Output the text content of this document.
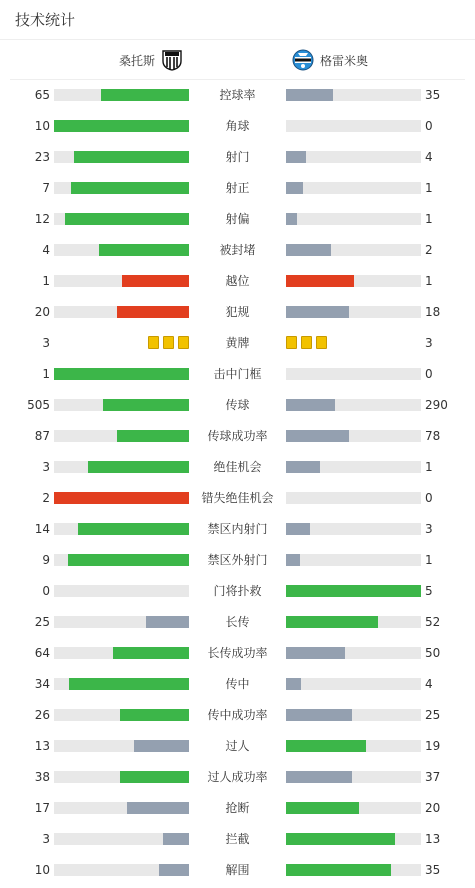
技术统计
桑托斯	格雷米奥
65	控球率	35
10	角球	0
23	射门	4
7	射正	1
12	射偏	1
4	被封堵	2
1	越位	1
20	犯规	18
3	黄牌	3
1	击中门框	0
505	传球	290
87	传球成功率	78
3	绝佳机会	1
2	错失绝佳机会	0
14	禁区内射门	3
9	禁区外射门	1
0	门将扑救	5
25	长传	52
64	长传成功率	50
34	传中	4
26	传中成功率	25
13	过人	19
38	过人成功率	37
17	抢断	20
3	拦截	13
10	解围	35
